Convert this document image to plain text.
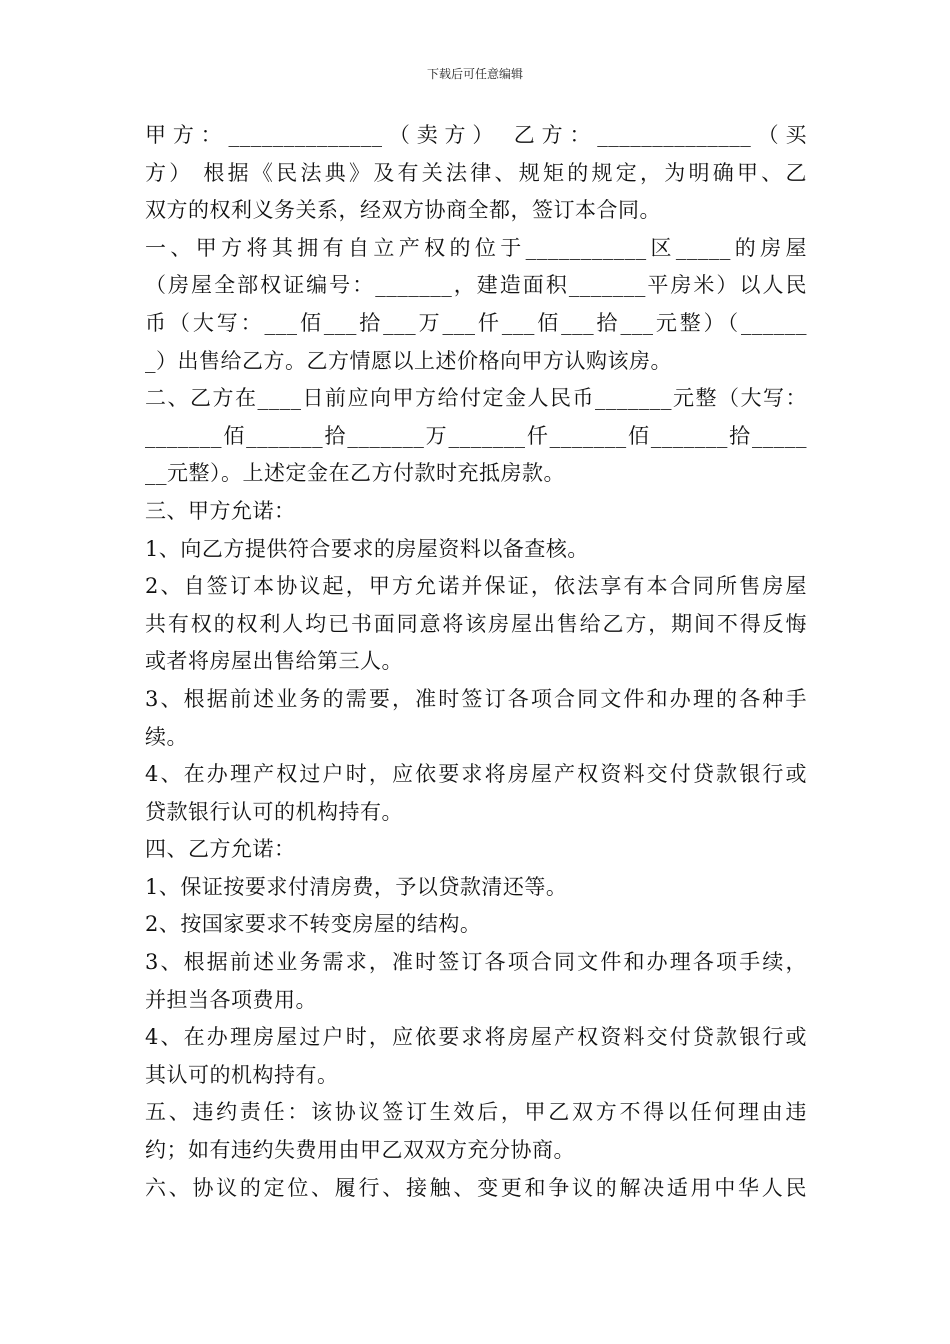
下载后可任意编辑
甲方：______________（卖方） 乙方：______________（买
方） 根据《民法典》及有关法律、规矩的规定，为明确甲、乙
双方的权利义务关系，经双方协商全都，签订本合同。
一、甲方将其拥有自立产权的位于___________区_____的房屋
（房屋全部权证编号：_______，建造面积_______平房米）以人民
币（大写：___佰___拾___万___仟___佰___拾___元整）（______
_）出售给乙方。乙方情愿以上述价格向甲方认购该房。
二、乙方在____日前应向甲方给付定金人民币_______元整（大写：
_______佰_______拾_______万_______仟_______佰_______拾_____
__元整）。上述定金在乙方付款时充抵房款。
三、甲方允诺：
1、向乙方提供符合要求的房屋资料以备查核。
2、自签订本协议起，甲方允诺并保证，依法享有本合同所售房屋
共有权的权利人均已书面同意将该房屋出售给乙方，期间不得反悔
或者将房屋出售给第三人。
3、根据前述业务的需要，准时签订各项合同文件和办理的各种手
续。
4、在办理产权过户时，应依要求将房屋产权资料交付贷款银行或
贷款银行认可的机构持有。
四、乙方允诺：
1、保证按要求付清房费，予以贷款清还等。
2、按国家要求不转变房屋的结构。
3、根据前述业务需求，准时签订各项合同文件和办理各项手续，
并担当各项费用。
4、在办理房屋过户时，应依要求将房屋产权资料交付贷款银行或
其认可的机构持有。
五、违约责任：该协议签订生效后，甲乙双方不得以任何理由违
约；如有违约失费用由甲乙双双方充分协商。
六、协议的定位、履行、接触、变更和争议的解决适用中华人民
